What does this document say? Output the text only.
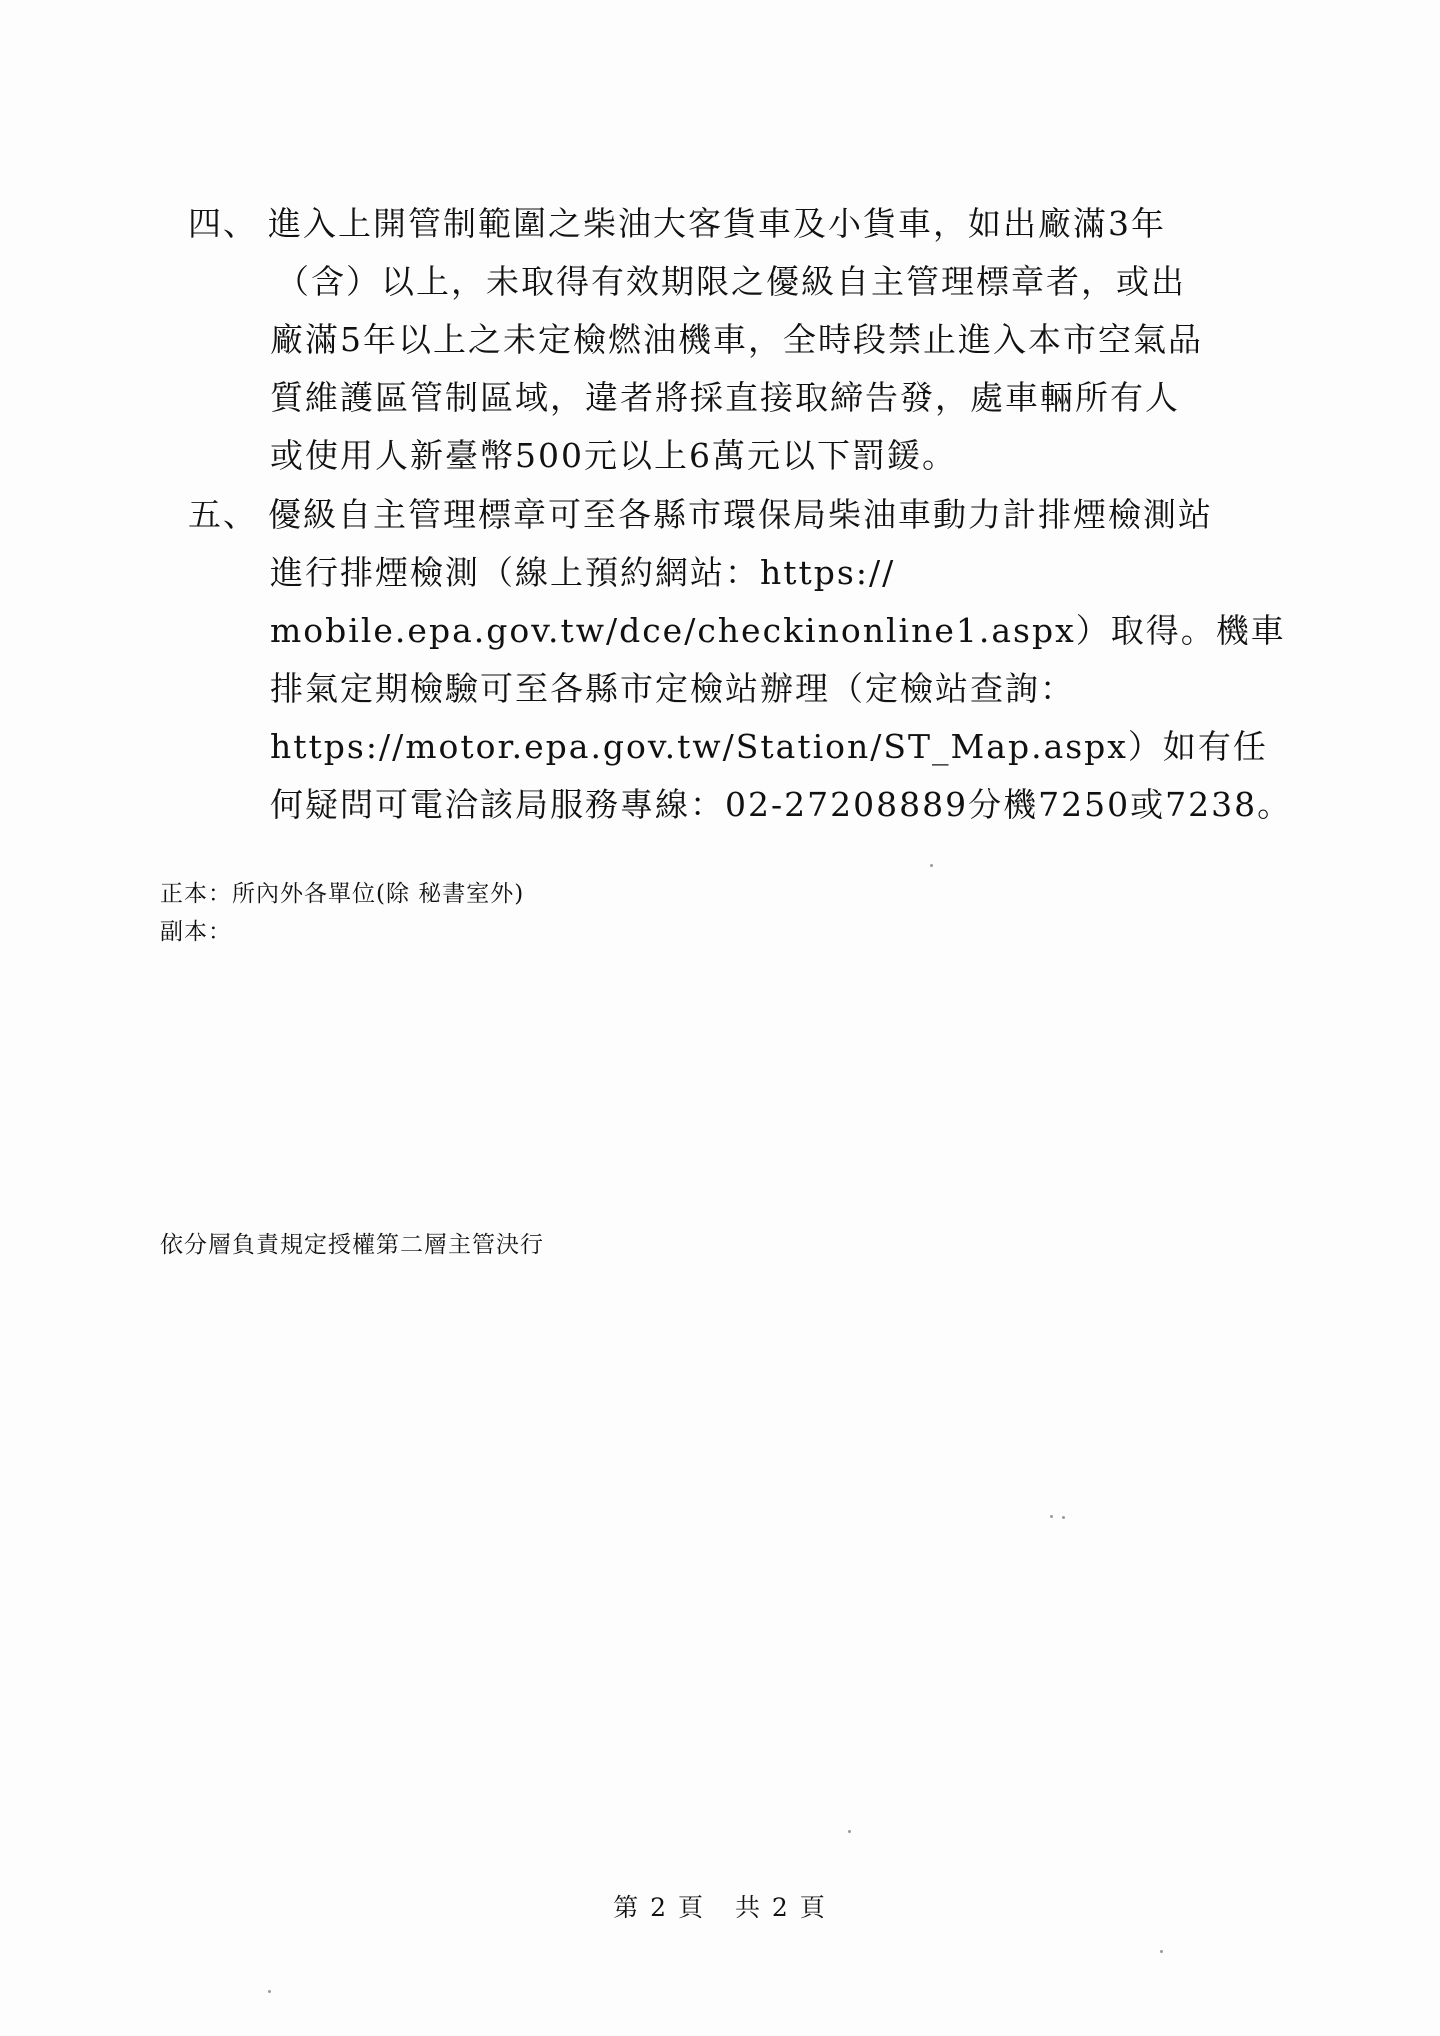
四、 進入上開管制範圍之柴油大客貨車及小貨車，如出廠滿3年
（含）以上，未取得有效期限之優級自主管理標章者，或出
廠滿5年以上之未定檢燃油機車，全時段禁止進入本市空氣品
質維護區管制區域，違者將採直接取締告發，處車輛所有人
或使用人新臺幣500元以上6萬元以下罰鍰。
五、 優級自主管理標章可至各縣市環保局柴油車動力計排煙檢測站
進行排煙檢測（線上預約網站：https://
mobile.epa.gov.tw/dce/checkinonline1.aspx）取得。機車
排氣定期檢驗可至各縣市定檢站辦理（定檢站查詢：
https://motor.epa.gov.tw/Station/ST_Map.aspx）如有任
何疑問可電洽該局服務專線：02-27208889分機7250或7238。
正本：所內外各單位(除 秘書室外)
副本：
依分層負責規定授權第二層主管決行
第 2 頁 共 2 頁
